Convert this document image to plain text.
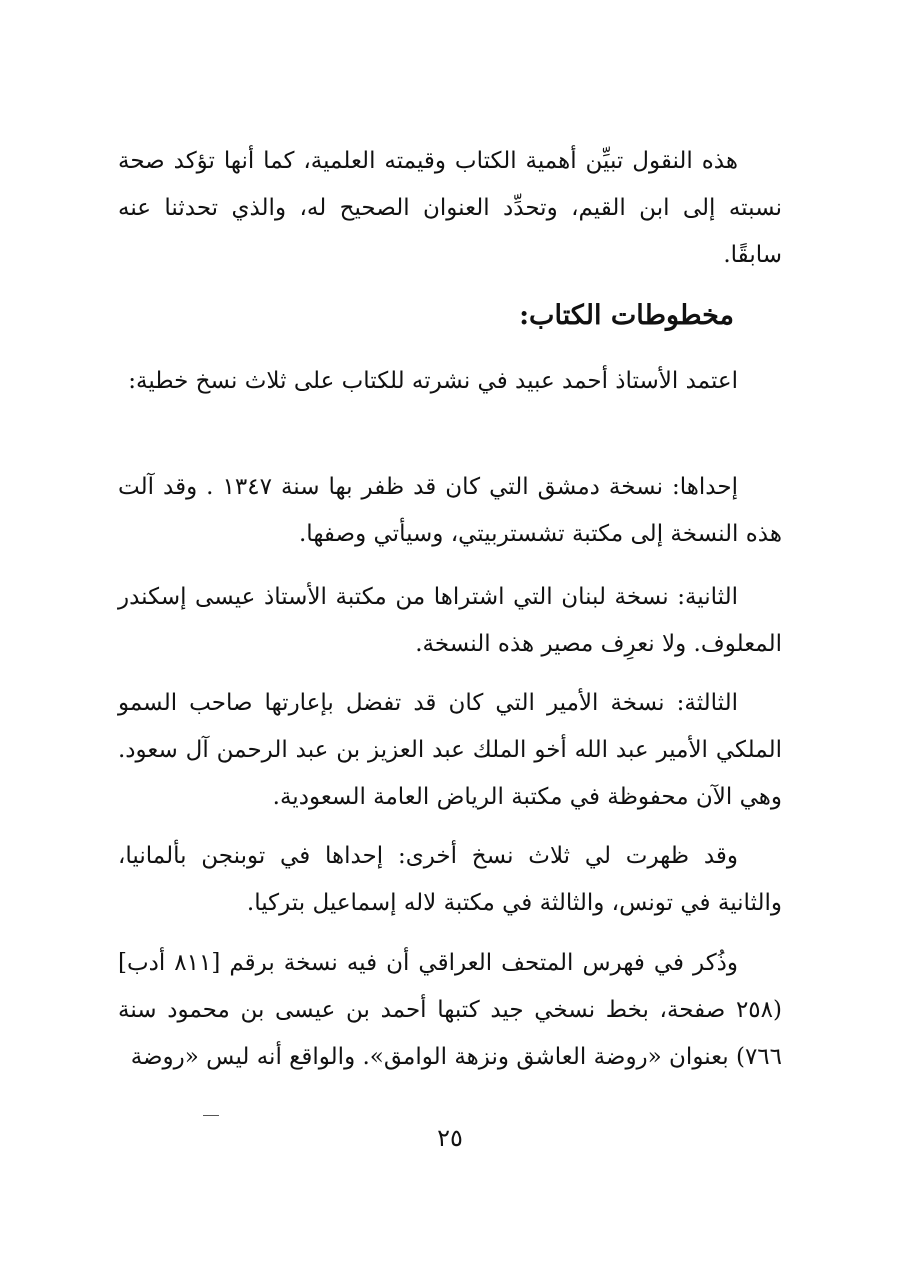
هذه النقول تبيِّن أهمية الكتاب وقيمته العلمية، كما أنها تؤكد صحة نسبته إلى ابن القيم، وتحدِّد العنوان الصحيح له، والذي تحدثنا عنه سابقًا.

مخطوطات الكتاب:

اعتمد الأستاذ أحمد عبيد في نشرته للكتاب على ثلاث نسخ خطية:

إحداها: نسخة دمشق التي كان قد ظفر بها سنة ١٣٤٧ . وقد آلت هذه النسخة إلى مكتبة تشستربيتي، وسيأتي وصفها.

الثانية: نسخة لبنان التي اشتراها من مكتبة الأستاذ عيسى إسكندر المعلوف. ولا نعرِف مصير هذه النسخة.

الثالثة: نسخة الأمير التي كان قد تفضل بإعارتها صاحب السمو الملكي الأمير عبد الله أخو الملك عبد العزيز بن عبد الرحمن آل سعود. وهي الآن محفوظة في مكتبة الرياض العامة السعودية.

وقد ظهرت لي ثلاث نسخ أخرى: إحداها في توبنجن بألمانيا، والثانية في تونس، والثالثة في مكتبة لاله إسماعيل بتركيا.

وذُكر في فهرس المتحف العراقي أن فيه نسخة برقم [٨١١ أدب] (٢٥٨ صفحة، بخط نسخي جيد كتبها أحمد بن عيسى بن محمود سنة ٧٦٦) بعنوان «روضة العاشق ونزهة الوامق». والواقع أنه ليس «روضة

٢٥
